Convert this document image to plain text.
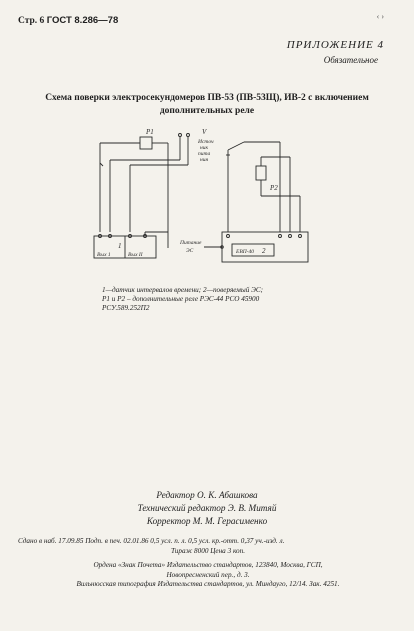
Стр. 6 ГОСТ 8.286—78	‹ ›
ПРИЛОЖЕНИЕ 4
Обязательное
Схема поверки электросекундомеров ПВ-53 (ПВ-53Щ), ИВ-2 с включением
дополнительных реле
P1	V
Источ
ник
пита
ния
P2
1
Вых 1	Вых II	ЕВП-40 2
Питание
ЭС
1—датчик интервалов времени; 2—поверяемый ЭС;
P1 и P2 – дополнительные реле РЭС-44 РСО 45900
РСУ.589.252П2
Редактор О. К. Абашкова
Технический редактор Э. В. Митяй
Корректор М. М. Герасименко
Сдано в наб. 17.09.85 Подп. в печ. 02.01.86 0,5 усл. п. л. 0,5 усл. кр.-отт. 0,37 уч.-изд. л.
Тираж 8000 Цена 3 коп.
Ордена «Знак Почета» Издательство стандартов, 123840, Москва, ГСП,
Новопресненский пер., д. 3.
Вильнюсская типография Издательства стандартов, ул. Миндауго, 12/14. Зак. 4251.
